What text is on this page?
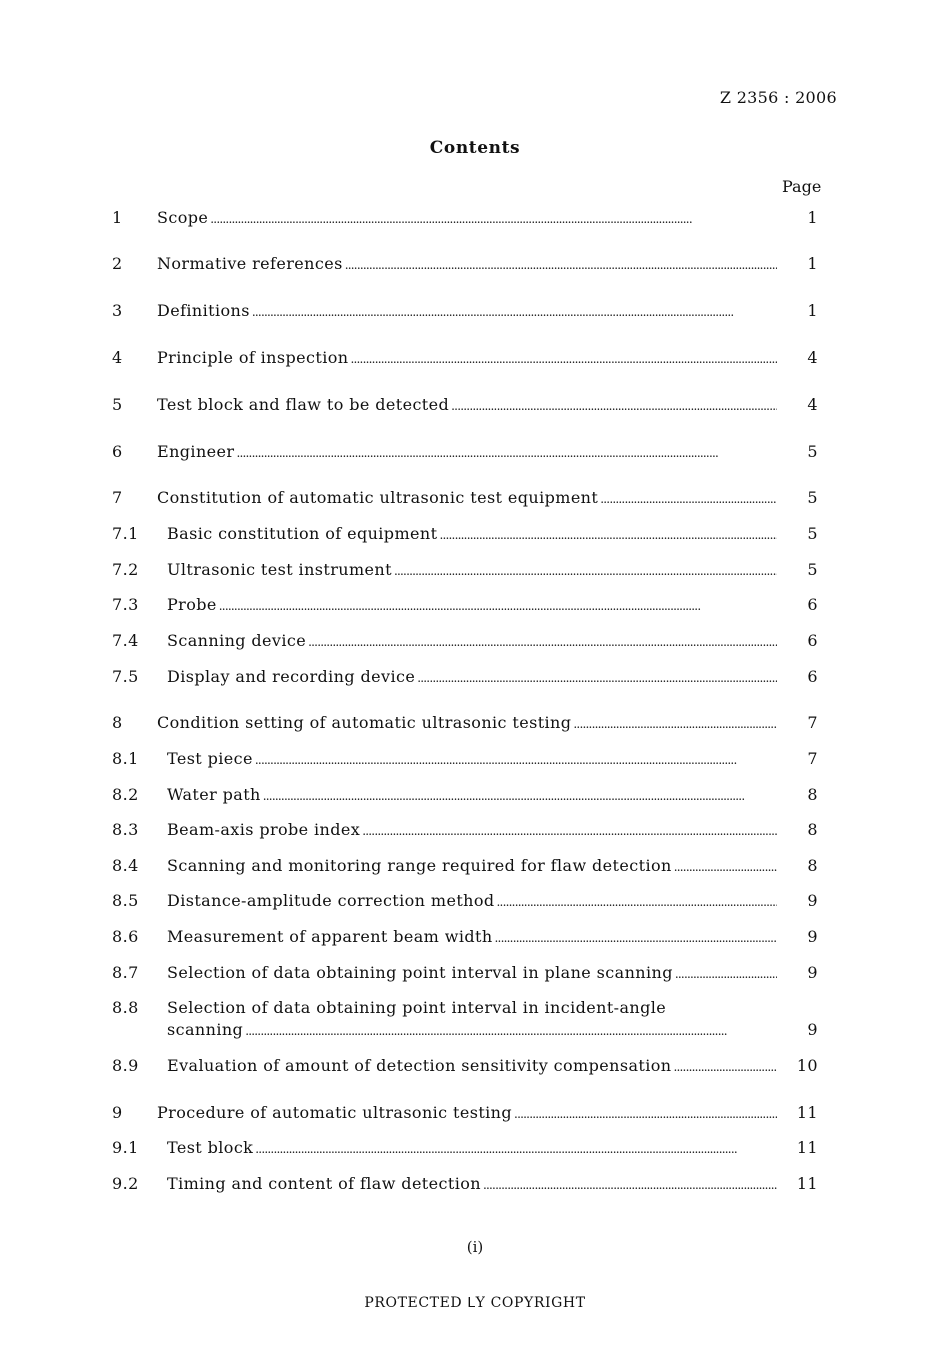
Z 2356 : 2006
Contents
Page
1 Scope . . .	1
2 Normative references . . .	1
3 Definitions . . .	1
4 Principle of inspection . . .	4
5 Test block and flaw to be detected . . .	4
6 Engineer . . .	5
7 Constitution of automatic ultrasonic test equipment . . .	5
7.1 Basic constitution of equipment . . .	5
7.2 Ultrasonic test instrument . . .	5
7.3 Probe . . .	6
7.4 Scanning device . . .	6
7.5 Display and recording device . . .	6
8 Condition setting of automatic ultrasonic testing . . .	7
8.1 Test piece . . .	7
8.2 Water path . . .	8
8.3 Beam-axis probe index . . .	8
8.4 Scanning and monitoring range required for flaw detection . . .	8
8.5 Distance-amplitude correction method . . .	9
8.6 Measurement of apparent beam width . . .	9
8.7 Selection of data obtaining point interval in plane scanning . . .	9
8.8 Selection of data obtaining point interval in incident-angle
scanning . . .	9
8.9 Evaluation of amount of detection sensitivity compensation . . .	10
9 Procedure of automatic ultrasonic testing . . .	11
9.1 Test block . . .	11
9.2 Timing and content of flaw detection . . .	11
(i)
PROTECTED ᒪY COPYRIGHT
